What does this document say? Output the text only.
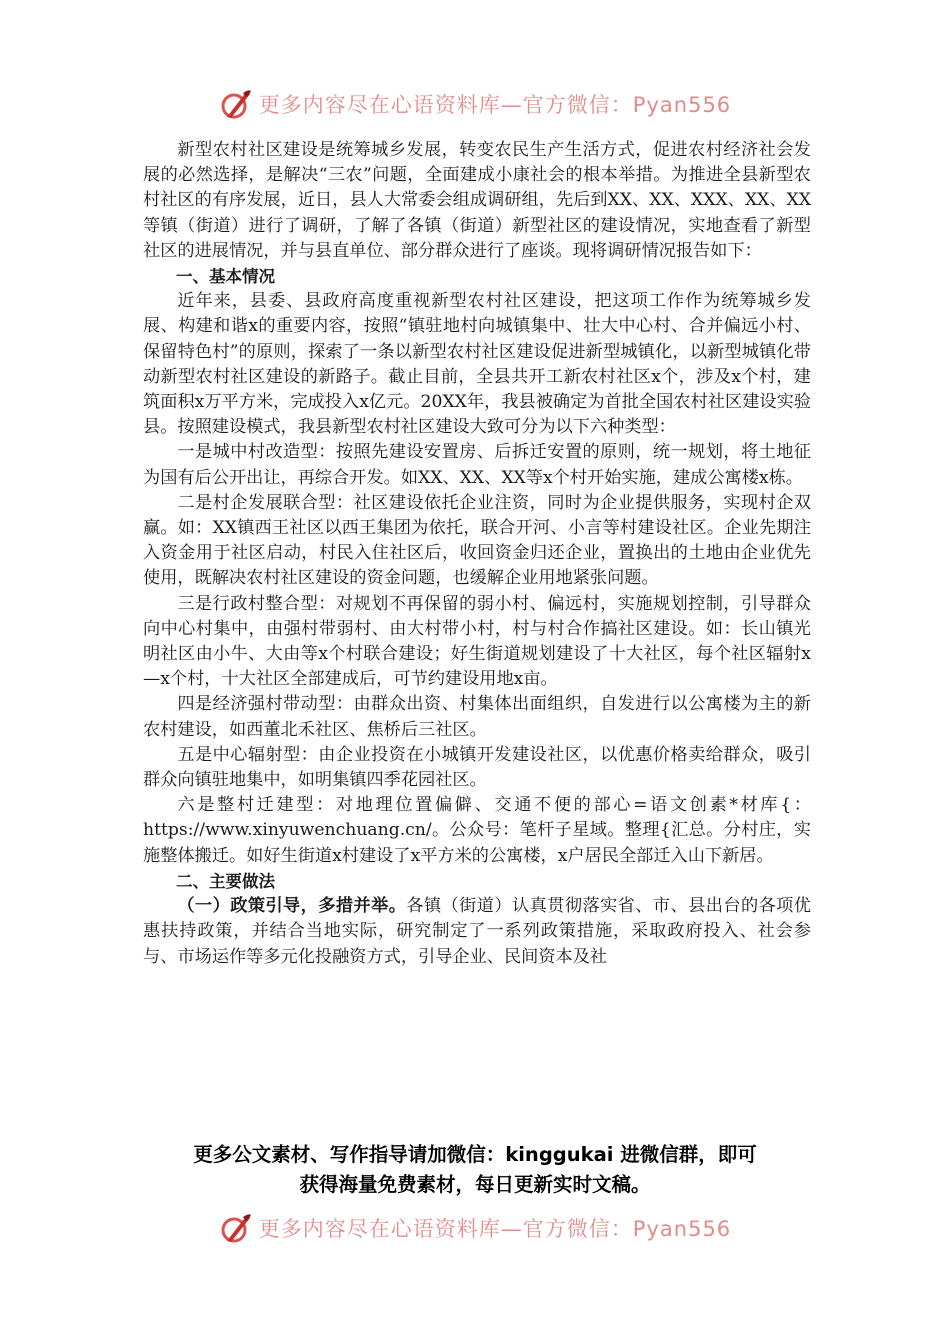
更多内容尽在心语资料库—官方微信：Pyan556

新型农村社区建设是统筹城乡发展，转变农民生产生活方式，促进农村经济社会发展的必然选择，是解决“三农”问题，全面建成小康社会的根本举措。为推进全县新型农村社区的有序发展，近日，县人大常委会组成调研组，先后到XX、XX、XXX、XX、XX等镇（街道）进行了调研，了解了各镇（街道）新型社区的建设情况，实地查看了新型社区的进展情况，并与县直单位、部分群众进行了座谈。现将调研情况报告如下：

一、基本情况

近年来，县委、县政府高度重视新型农村社区建设，把这项工作作为统筹城乡发展、构建和谐x的重要内容，按照“镇驻地村向城镇集中、壮大中心村、合并偏远小村、保留特色村”的原则，探索了一条以新型农村社区建设促进新型城镇化，以新型城镇化带动新型农村社区建设的新路子。截止目前，全县共开工新农村社区x个，涉及x个村，建筑面积x万平方米，完成投入x亿元。20XX年，我县被确定为首批全国农村社区建设实验县。按照建设模式，我县新型农村社区建设大致可分为以下六种类型：

一是城中村改造型：按照先建设安置房、后拆迁安置的原则，统一规划，将土地征为国有后公开出让，再综合开发。如XX、XX、XX等x个村开始实施，建成公寓楼x栋。

二是村企发展联合型：社区建设依托企业注资，同时为企业提供服务，实现村企双赢。如：XX镇西王社区以西王集团为依托，联合开河、小言等村建设社区。企业先期注入资金用于社区启动，村民入住社区后，收回资金归还企业，置换出的土地由企业优先使用，既解决农村社区建设的资金问题，也缓解企业用地紧张问题。

三是行政村整合型：对规划不再保留的弱小村、偏远村，实施规划控制，引导群众向中心村集中，由强村带弱村、由大村带小村，村与村合作搞社区建设。如：长山镇光明社区由小牛、大由等x个村联合建设；好生街道规划建设了十大社区，每个社区辐射x—x个村，十大社区全部建成后，可节约建设用地x亩。

四是经济强村带动型：由群众出资、村集体出面组织，自发进行以公寓楼为主的新农村建设，如西董北禾社区、焦桥后三社区。

五是中心辐射型：由企业投资在小城镇开发建设社区，以优惠价格卖给群众，吸引群众向镇驻地集中，如明集镇四季花园社区。

六是整村迁建型：对地理位置偏僻、交通不便的部心=语文创素*材库{：https://www.xinyuwenchuang.cn/。公众号：笔杆子星域。整理{汇总。分村庄，实施整体搬迁。如好生街道x村建设了x平方米的公寓楼，x户居民全部迁入山下新居。

二、主要做法

（一）政策引导，多措并举。各镇（街道）认真贯彻落实省、市、县出台的各项优惠扶持政策，并结合当地实际，研究制定了一系列政策措施，采取政府投入、社会参与、市场运作等多元化投融资方式，引导企业、民间资本及社

更多公文素材、写作指导请加微信：kinggukai 进微信群，即可
获得海量免费素材，每日更新实时文稿。
更多内容尽在心语资料库—官方微信：Pyan556
